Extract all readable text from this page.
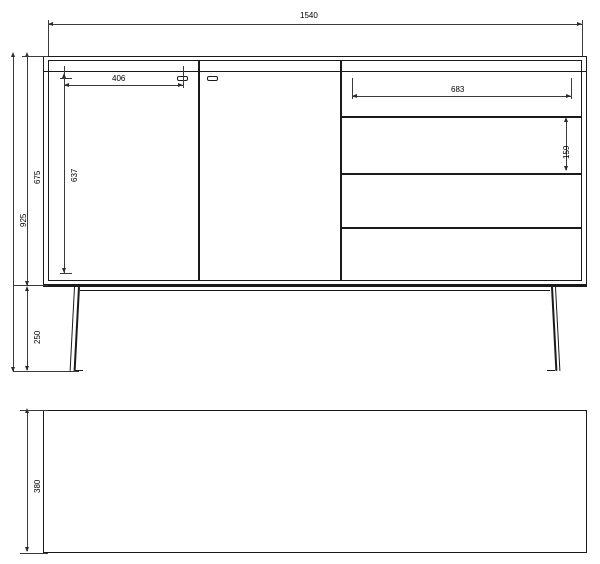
1540
406
683
637
159
675
250
925
380
